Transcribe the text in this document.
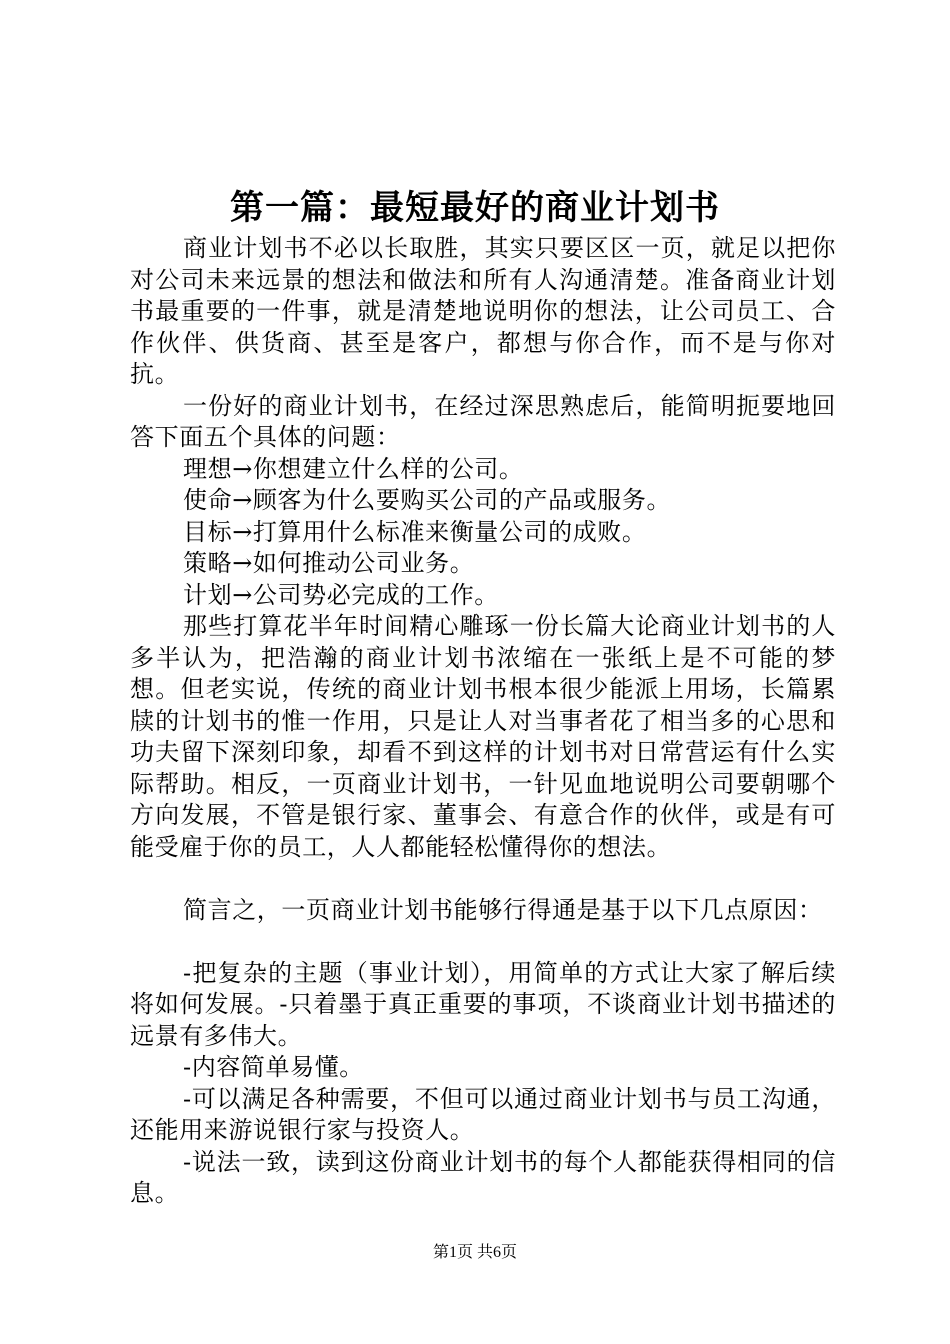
第一篇：最短最好的商业计划书

商业计划书不必以长取胜，其实只要区区一页，就足以把你对公司未来远景的想法和做法和所有人沟通清楚。准备商业计划书最重要的一件事，就是清楚地说明你的想法，让公司员工、合作伙伴、供货商、甚至是客户，都想与你合作，而不是与你对抗。

一份好的商业计划书，在经过深思熟虑后，能简明扼要地回答下面五个具体的问题：

理想→你想建立什么样的公司。

使命→顾客为什么要购买公司的产品或服务。

目标→打算用什么标准来衡量公司的成败。

策略→如何推动公司业务。

计划→公司势必完成的工作。

那些打算花半年时间精心雕琢一份长篇大论商业计划书的人多半认为，把浩瀚的商业计划书浓缩在一张纸上是不可能的梦想。但老实说，传统的商业计划书根本很少能派上用场，长篇累牍的计划书的惟一作用，只是让人对当事者花了相当多的心思和功夫留下深刻印象，却看不到这样的计划书对日常营运有什么实际帮助。相反，一页商业计划书，一针见血地说明公司要朝哪个方向发展，不管是银行家、董事会、有意合作的伙伴，或是有可能受雇于你的员工，人人都能轻松懂得你的想法。

简言之，一页商业计划书能够行得通是基于以下几点原因：

-把复杂的主题（事业计划），用简单的方式让大家了解后续将如何发展。-只着墨于真正重要的事项，不谈商业计划书描述的远景有多伟大。

-内容简单易懂。

-可以满足各种需要，不但可以通过商业计划书与员工沟通，还能用来游说银行家与投资人。

-说法一致，读到这份商业计划书的每个人都能获得相同的信息。

第1页 共6页
